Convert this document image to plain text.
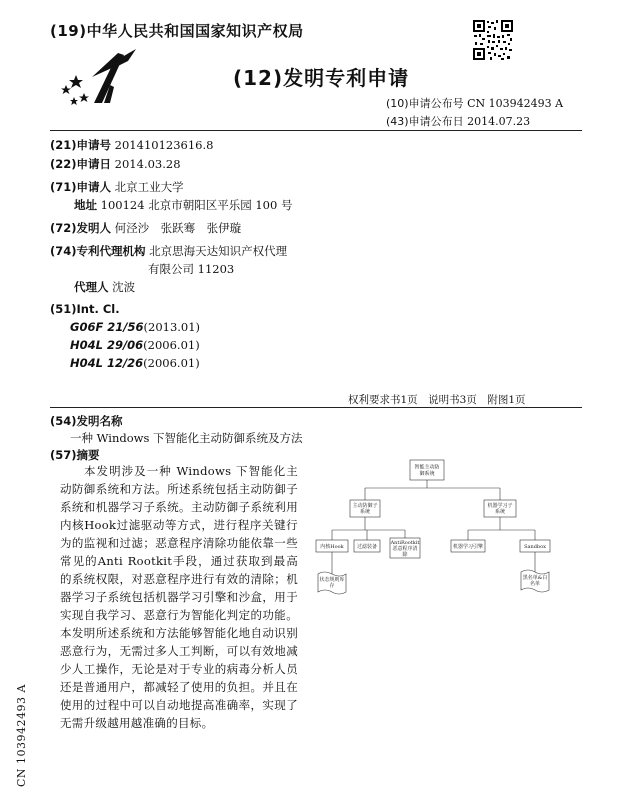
(19)中华人民共和国国家知识产权局
(12)发明专利申请
(10)申请公布号 CN 103942493 A
(43)申请公布日 2014.07.23
(21)申请号 201410123616.8
(22)申请日 2014.03.28
(71)申请人 北京工业大学
地址 100124 北京市朝阳区平乐园 100 号
(72)发明人 何泾沙　张跃骞　张伊璇
(74)专利代理机构 北京思海天达知识产权代理
有限公司 11203
代理人 沈波
(51)Int. Cl.
G06F 21/56(2013.01)
H04L 29/06(2006.01)
H04L 12/26(2006.01)
权利要求书1页　说明书3页　附图1页
(54)发明名称
一种 Windows 下智能化主动防御系统及方法
(57)摘要

本发明涉及一种 Windows 下智能化主动防御系统和方法。所述系统包括主动防御子系统和机器学习子系统。主动防御子系统利用内核Hook过滤驱动等方式，进行程序关键行为的监视和过滤；恶意程序清除功能依靠一些常见的Anti Rootkit手段，通过获取到最高的系统权限，对恶意程序进行有效的清除；机器学习子系统包括机器学习引擎和沙盒，用于实现自我学习、恶意行为智能化判定的功能。本发明所述系统和方法能够智能化地自动识别恶意行为，无需过多人工判断，可以有效地减少人工操作，无论是对于专业的病毒分析人员还是普通用户，都减轻了使用的负担。并且在使用的过程中可以自动地提高准确率，实现了无需升级越用越准确的目标。

智能主动防
御系统
主动防御子
系统
机器学习子
系统
内核Hook	过滤装备
AntiRootkit
恶意程序清
除
机器学习引擎	Sandbox
状态规则库
存
黑名单&白
名单
CN 103942493 A
